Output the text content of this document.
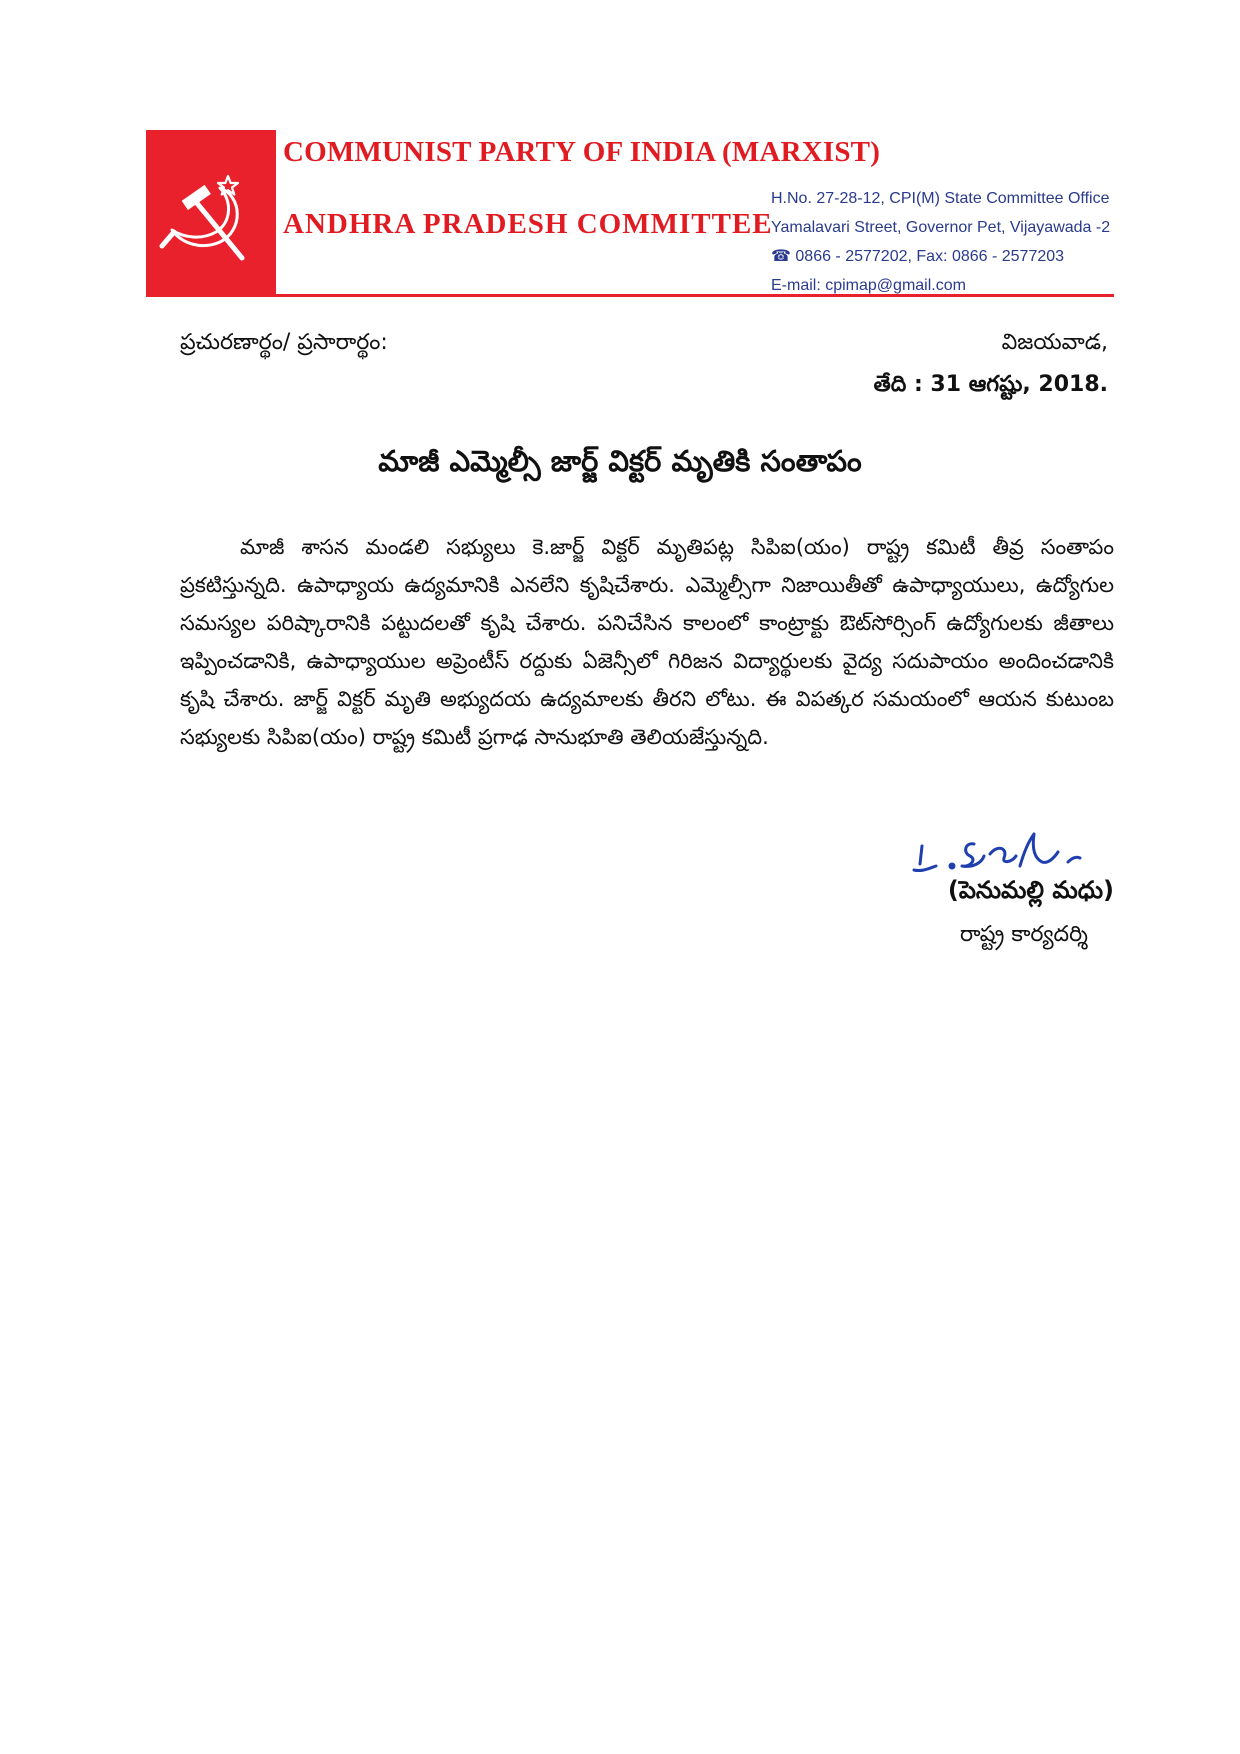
COMMUNIST PARTY OF INDIA (MARXIST)
ANDHRA PRADESH COMMITTEE
H.No. 27-28-12, CPI(M) State Committee Office
Yamalavari Street, Governor Pet, Vijayawada -2
☎ 0866 - 2577202, Fax: 0866 - 2577203
E-mail: cpimap@gmail.com
ప్రచురణార్థం/ ప్రసారార్థం:	విజయవాడ,
తేది : 31 ఆగష్టు, 2018.
మాజీ ఎమ్మెల్సీ జార్జ్‌ విక్టర్‌ మృతికి సంతాపం
మాజీ శాసన మండలి సభ్యులు కె.జార్జ్‌ విక్టర్‌ మృతిపట్ల సిపిఐ(యం) రాష్ట్ర కమిటీ తీవ్ర సంతాపం ప్రకటిస్తున్నది. ఉపాధ్యాయ ఉద్యమానికి ఎనలేని కృషిచేశారు. ఎమ్మెల్సీగా నిజాయితీతో ఉపాధ్యాయులు, ఉద్యోగుల సమస్యల పరిష్కారానికి పట్టుదలతో కృషి చేశారు. పనిచేసిన కాలంలో కాంట్రాక్టు ఔట్‌సోర్సింగ్‌ ఉద్యోగులకు జీతాలు ఇప్పించడానికి, ఉపాధ్యాయుల అప్రెంటీస్‌ రద్దుకు ఏజెన్సీలో గిరిజన విద్యార్థులకు వైద్య సదుపాయం అందించడానికి కృషి చేశారు. జార్జ్‌ విక్టర్‌ మృతి అభ్యుదయ ఉద్యమాలకు తీరని లోటు. ఈ విపత్కర సమయంలో ఆయన కుటుంబ సభ్యులకు సిపిఐ(యం) రాష్ట్ర కమిటీ ప్రగాఢ సానుభూతి తెలియజేస్తున్నది.
(పెనుమల్లి మధు)
రాష్ట్ర కార్యదర్శి
